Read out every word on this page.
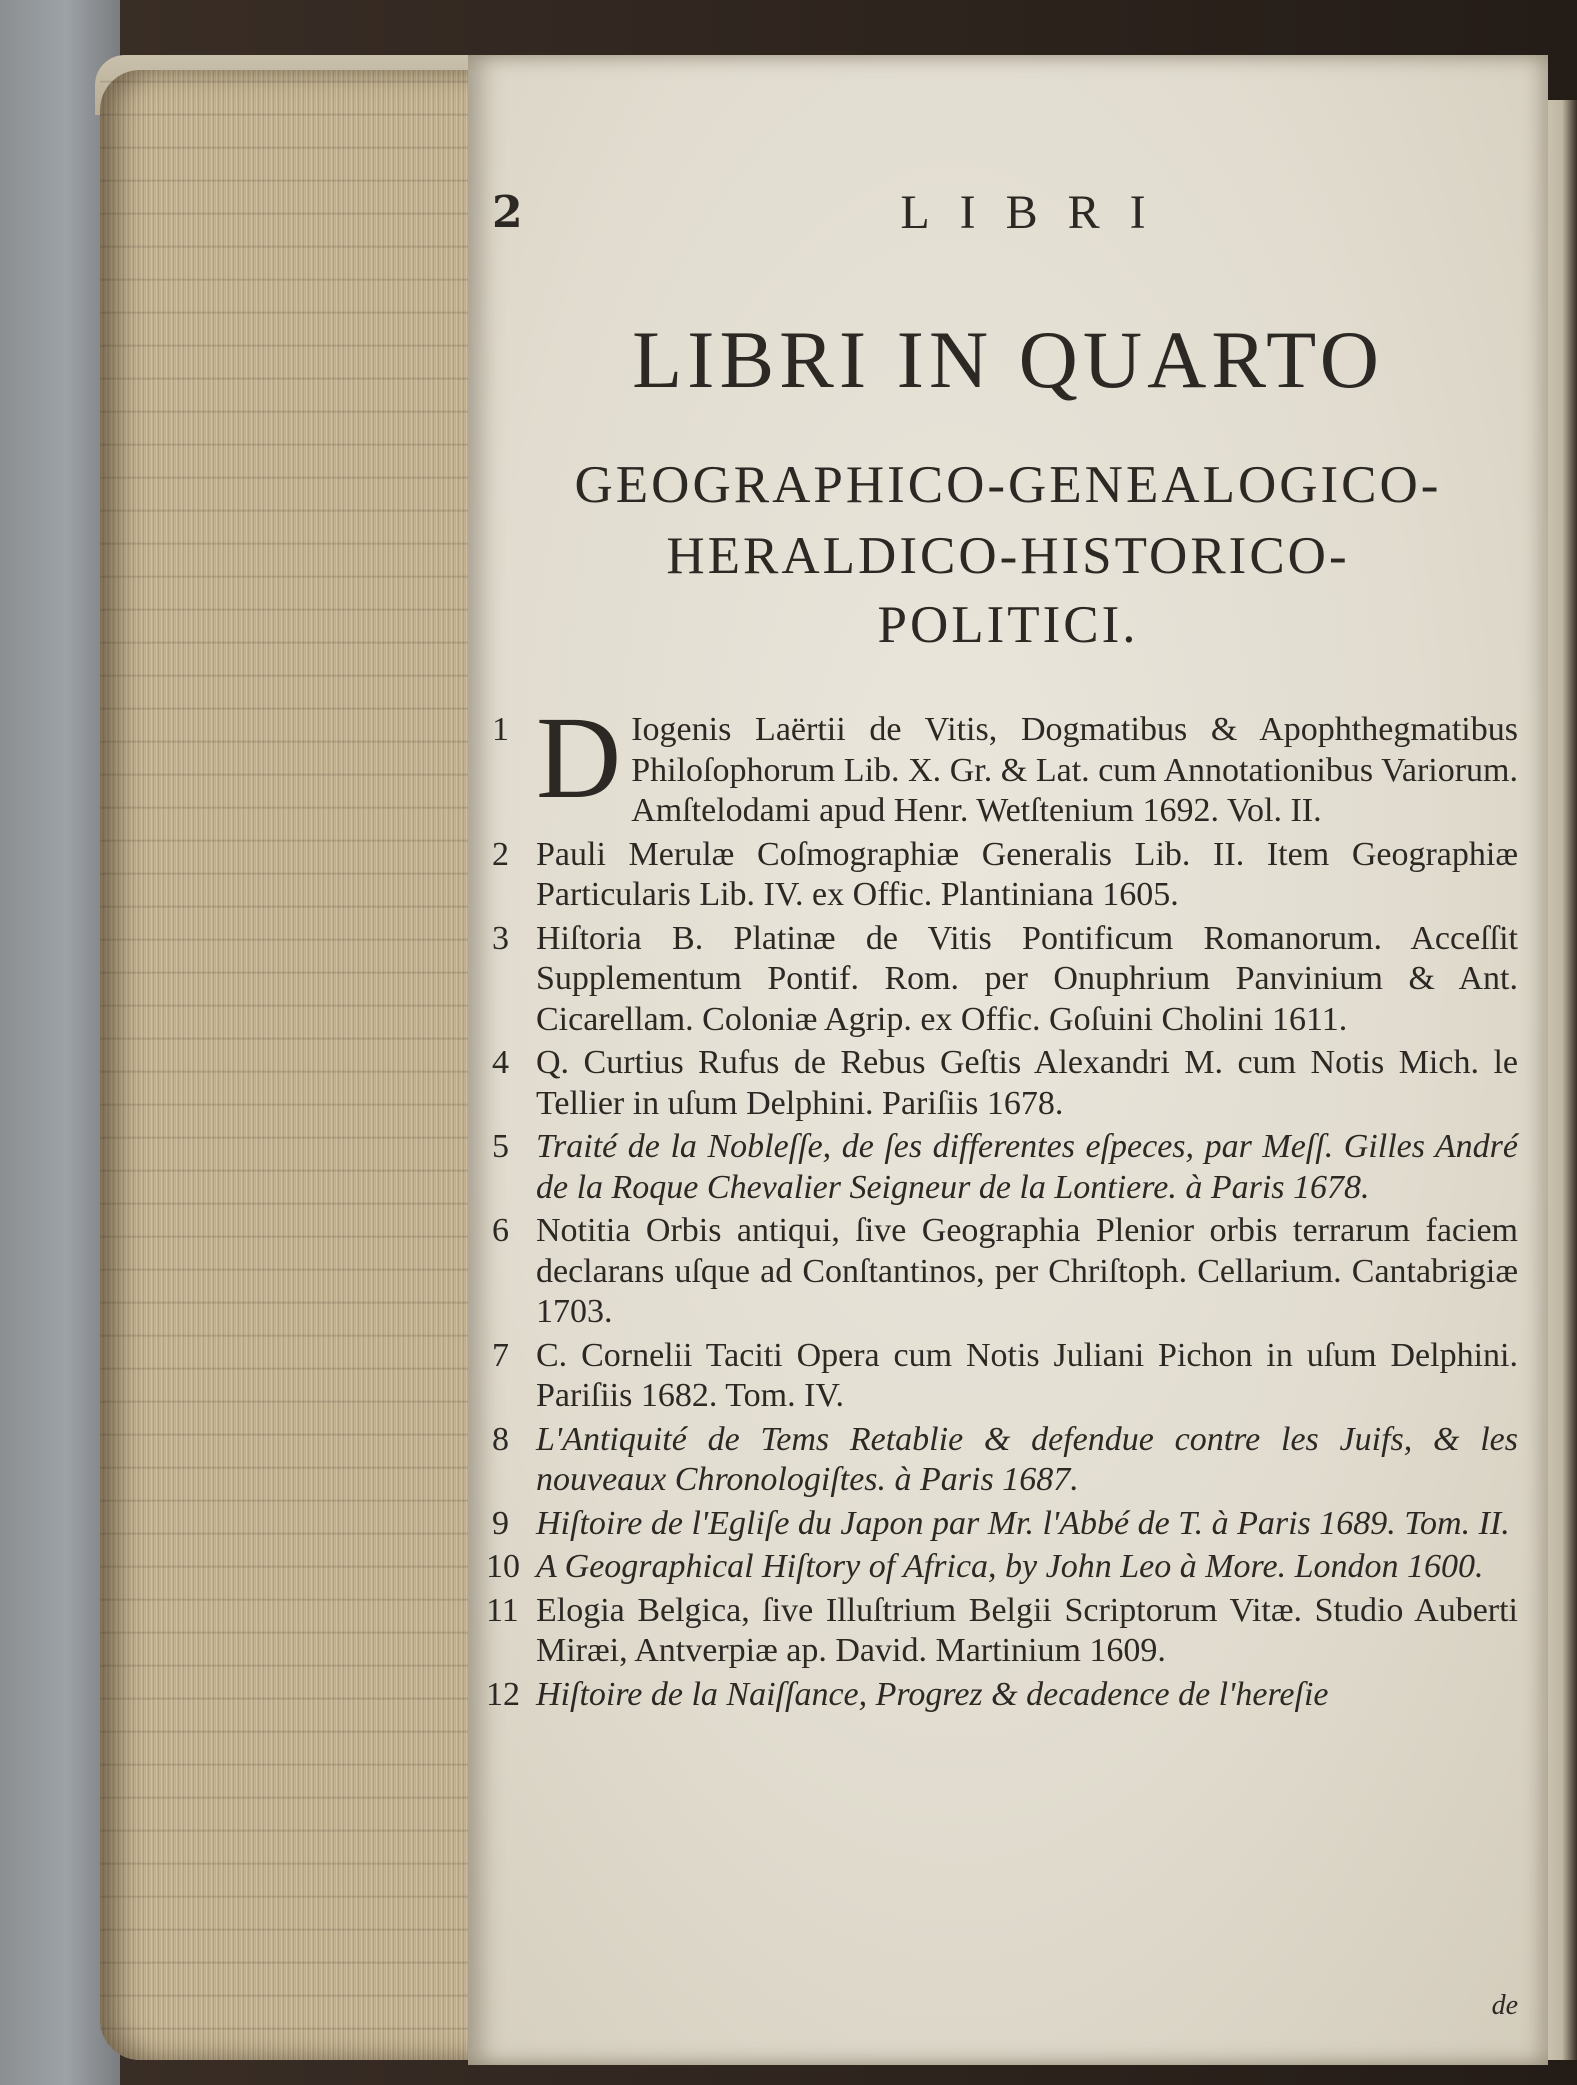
2	LIBRI
LIBRI IN QUARTO
GEOGRAPHICO-GENEALOGICO-
HERALDICO-HISTORICO-
POLITICI.
1 D Iogenis Laërtii de Vitis, Dogmatibus & Apophthegmatibus Philoſophorum Lib. X. Gr. & Lat. cum Annotationibus Variorum. Amſtelodami apud Henr. Wetſtenium 1692. Vol. II.
2 Pauli Merulæ Coſmographiæ Generalis Lib. II. Item Geographiæ Particularis Lib. IV. ex Offic. Plantiniana 1605.
3 Hiſtoria B. Platinæ de Vitis Pontificum Romanorum. Acceſſit Supplementum Pontif. Rom. per Onuphrium Panvinium & Ant. Cicarellam. Coloniæ Agrip. ex Offic. Goſuini Cholini 1611.
4 Q. Curtius Rufus de Rebus Geſtis Alexandri M. cum Notis Mich. le Tellier in uſum Delphini. Pariſiis 1678.
5 Traité de la Nobleſſe, de ſes differentes eſpeces, par Meſſ. Gilles André de la Roque Chevalier Seigneur de la Lontiere. à Paris 1678.
6 Notitia Orbis antiqui, ſive Geographia Plenior orbis terrarum faciem declarans uſque ad Conſtantinos, per Chriſtoph. Cellarium. Cantabrigiæ 1703.
7 C. Cornelii Taciti Opera cum Notis Juliani Pichon in uſum Delphini. Pariſiis 1682. Tom. IV.
8 L'Antiquité de Tems Retablie & defendue contre les Juifs, & les nouveaux Chronologiſtes. à Paris 1687.
9 Hiſtoire de l'Egliſe du Japon par Mr. l'Abbé de T. à Paris 1689. Tom. II.
10 A Geographical Hiſtory of Africa, by John Leo à More. London 1600.
11 Elogia Belgica, ſive Illuſtrium Belgii Scriptorum Vitæ. Studio Auberti Miræi, Antverpiæ ap. David. Martinium 1609.
12 Hiſtoire de la Naiſſance, Progrez & decadence de l'hereſie
de
